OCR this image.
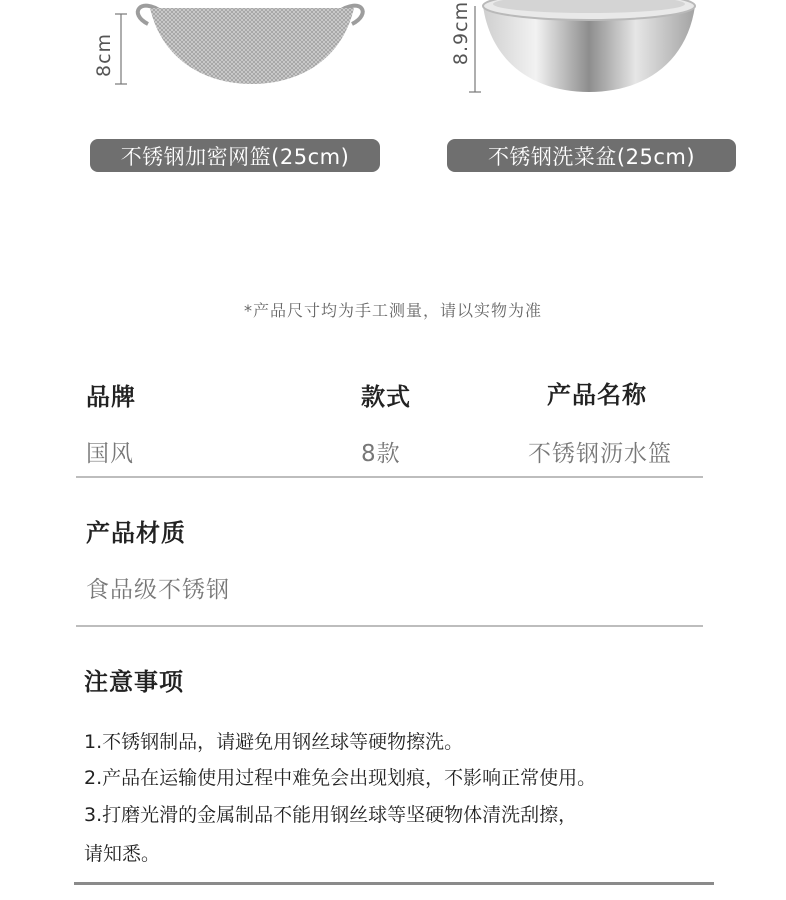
8cm
不锈钢加密网篮(25cm)
8.9cm
不锈钢洗菜盆(25cm)
*产品尺寸均为手工测量，请以实物为准
品牌	款式	产品名称
国风	8款	不锈钢沥水篮
产品材质
食品级不锈钢
注意事项
1.不锈钢制品，请避免用钢丝球等硬物擦洗。
2.产品在运输使用过程中难免会出现划痕，不影响正常使用。
3.打磨光滑的金属制品不能用钢丝球等坚硬物体清洗刮擦，
请知悉。
